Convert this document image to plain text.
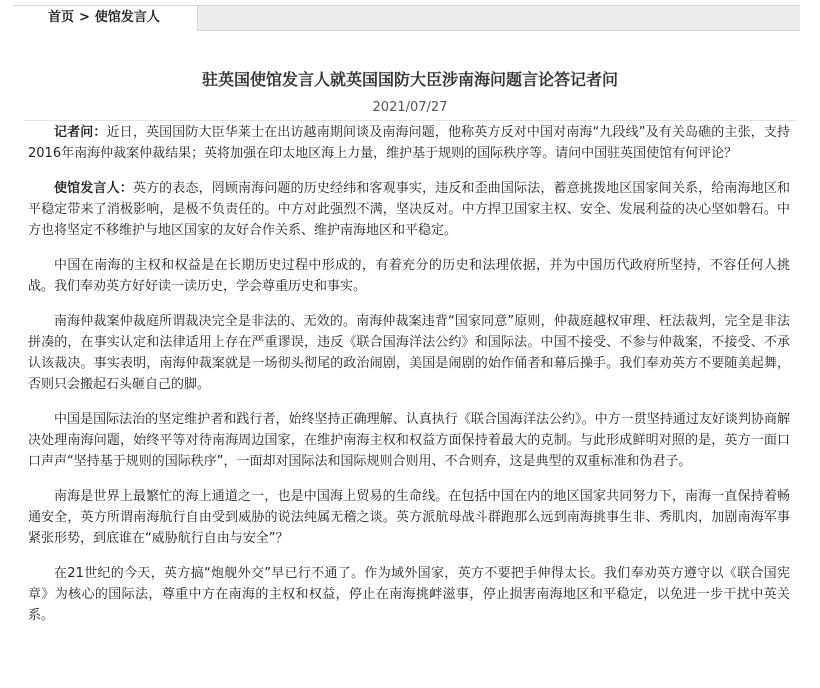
首页 > 使馆发言人
驻英国使馆发言人就英国国防大臣涉南海问题言论答记者问
2021/07/27

记者问：近日，英国国防大臣华莱士在出访越南期间谈及南海问题，他称英方反对中国对南海“九段线”及有关岛礁的主张，支持2016年南海仲裁案仲裁结果；英将加强在印太地区海上力量，维护基于规则的国际秩序等。请问中国驻英国使馆有何评论？

使馆发言人：英方的表态，罔顾南海问题的历史经纬和客观事实，违反和歪曲国际法，蓄意挑拨地区国家间关系，给南海地区和平稳定带来了消极影响，是极不负责任的。中方对此强烈不满，坚决反对。中方捍卫国家主权、安全、发展利益的决心坚如磐石。中方也将坚定不移维护与地区国家的友好合作关系、维护南海地区和平稳定。

中国在南海的主权和权益是在长期历史过程中形成的，有着充分的历史和法理依据，并为中国历代政府所坚持，不容任何人挑战。我们奉劝英方好好读一读历史，学会尊重历史和事实。

南海仲裁案仲裁庭所谓裁决完全是非法的、无效的。南海仲裁案违背“国家同意”原则，仲裁庭越权审理、枉法裁判，完全是非法拼凑的，在事实认定和法律适用上存在严重谬误，违反《联合国海洋法公约》和国际法。中国不接受、不参与仲裁案，不接受、不承认该裁决。事实表明，南海仲裁案就是一场彻头彻尾的政治闹剧，美国是闹剧的始作俑者和幕后操手。我们奉劝英方不要随美起舞，否则只会搬起石头砸自己的脚。

中国是国际法治的坚定维护者和践行者，始终坚持正确理解、认真执行《联合国海洋法公约》。中方一贯坚持通过友好谈判协商解决处理南海问题，始终平等对待南海周边国家，在维护南海主权和权益方面保持着最大的克制。与此形成鲜明对照的是，英方一面口口声声“坚持基于规则的国际秩序”，一面却对国际法和国际规则合则用、不合则弃，这是典型的双重标准和伪君子。

南海是世界上最繁忙的海上通道之一，也是中国海上贸易的生命线。在包括中国在内的地区国家共同努力下，南海一直保持着畅通安全，英方所谓南海航行自由受到威胁的说法纯属无稽之谈。英方派航母战斗群跑那么远到南海挑事生非、秀肌肉，加剧南海军事紧张形势，到底谁在“威胁航行自由与安全”？

在21世纪的今天，英方搞“炮舰外交”早已行不通了。作为域外国家，英方不要把手伸得太长。我们奉劝英方遵守以《联合国宪章》为核心的国际法，尊重中方在南海的主权和权益，停止在南海挑衅滋事，停止损害南海地区和平稳定，以免进一步干扰中英关系。
